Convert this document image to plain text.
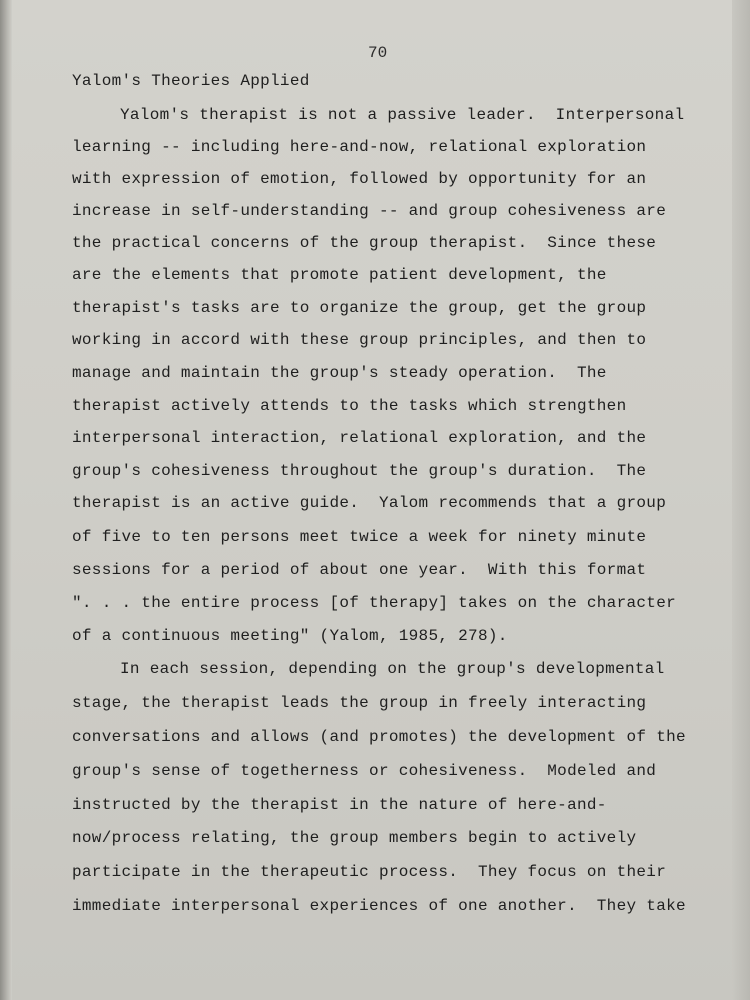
70
Yalom's Theories Applied
Yalom's therapist is not a passive leader.  Interpersonal
learning -- including here-and-now, relational exploration
with expression of emotion, followed by opportunity for an
increase in self-understanding -- and group cohesiveness are
the practical concerns of the group therapist.  Since these
are the elements that promote patient development, the
therapist's tasks are to organize the group, get the group
working in accord with these group principles, and then to
manage and maintain the group's steady operation.  The
therapist actively attends to the tasks which strengthen
interpersonal interaction, relational exploration, and the
group's cohesiveness throughout the group's duration.  The
therapist is an active guide.  Yalom recommends that a group
of five to ten persons meet twice a week for ninety minute
sessions for a period of about one year.  With this format
". . . the entire process [of therapy] takes on the character
of a continuous meeting" (Yalom, 1985, 278).
In each session, depending on the group's developmental
stage, the therapist leads the group in freely interacting
conversations and allows (and promotes) the development of the
group's sense of togetherness or cohesiveness.  Modeled and
instructed by the therapist in the nature of here-and-
now/process relating, the group members begin to actively
participate in the therapeutic process.  They focus on their
immediate interpersonal experiences of one another.  They take
